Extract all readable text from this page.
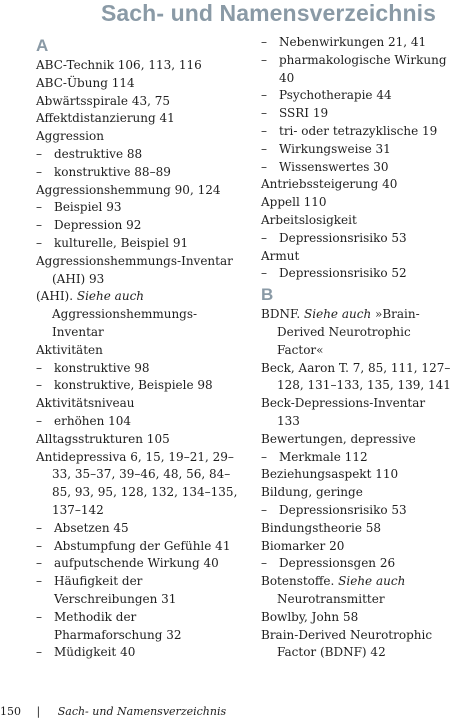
Sach- und Namensverzeichnis
A
ABC-Technik 106, 113, 116
ABC-Übung 114
Abwärtsspirale 43, 75
Affektdistanzierung 41
Aggression
– destruktive 88
– konstruktive 88–89
Aggressionshemmung 90, 124
– Beispiel 93
– Depression 92
– kulturelle, Beispiel 91
Aggressionshemmungs-Inventar (AHI) 93
(AHI). Siehe auch Aggressionshemmungs-Inventar
Aktivitäten
– konstruktive 98
– konstruktive, Beispiele 98
Aktivitätsniveau
– erhöhen 104
Alltagsstrukturen 105
Antidepressiva 6, 15, 19–21, 29–33, 35–37, 39–46, 48, 56, 84–85, 93, 95, 128, 132, 134–135, 137–142
– Absetzen 45
– Abstumpfung der Gefühle 41
– aufputschende Wirkung 40
– Häufigkeit der Verschreibungen 31
– Methodik der Pharmaforschung 32
– Müdigkeit 40
– Nebenwirkungen 21, 41
– pharmakologische Wirkung 40
– Psychotherapie 44
– SSRI 19
– tri- oder tetrazyklische 19
– Wirkungsweise 31
– Wissenswertes 30
Antriebssteigerung 40
Appell 110
Arbeitslosigkeit
– Depressionsrisiko 53
Armut
– Depressionsrisiko 52
B
BDNF. Siehe auch »Brain-Derived Neurotrophic Factor«
Beck, Aaron T. 7, 85, 111, 127–128, 131–133, 135, 139, 141
Beck-Depressions-Inventar 133
Bewertungen, depressive
– Merkmale 112
Beziehungsaspekt 110
Bildung, geringe
– Depressionsrisiko 53
Bindungstheorie 58
Biomarker 20
– Depressionsgen 26
Botenstoffe. Siehe auch Neurotransmitter
Bowlby, John 58
Brain-Derived Neurotrophic Factor (BDNF) 42
150 | Sach- und Namensverzeichnis
